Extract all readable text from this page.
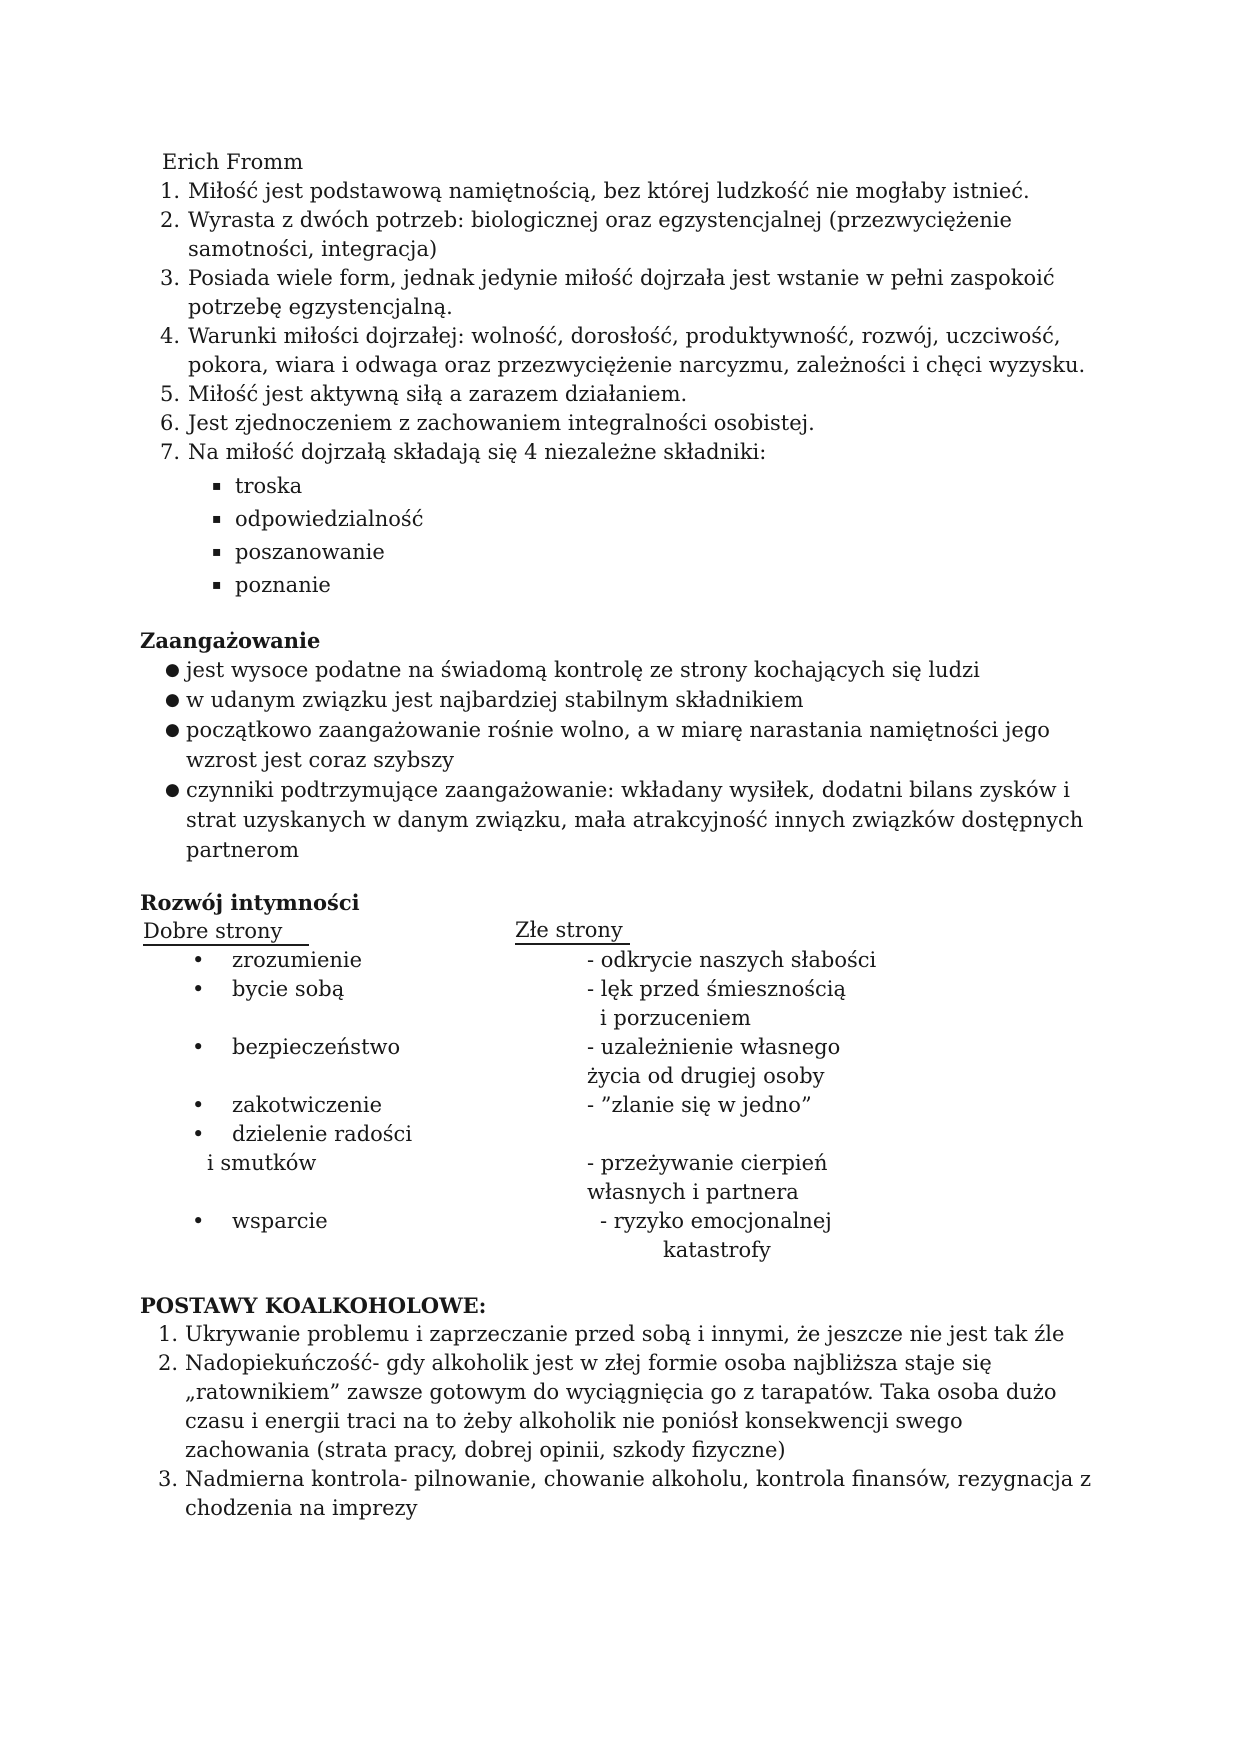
Erich Fromm
Miłość jest podstawową namiętnością, bez której ludzkość nie mogłaby istnieć.
Wyrasta z dwóch potrzeb: biologicznej oraz egzystencjalnej (przezwyciężenie samotności, integracja)
Posiada wiele form, jednak jedynie miłość dojrzała jest wstanie w pełni zaspokoić potrzebę egzystencjalną.
Warunki miłości dojrzałej: wolność, dorosłość, produktywność, rozwój, uczciwość, pokora, wiara i odwaga oraz przezwyciężenie narcyzmu, zależności i chęci wyzysku.
Miłość jest aktywną siłą a zarazem działaniem.
Jest zjednoczeniem z zachowaniem integralności osobistej.
Na miłość dojrzałą składają się 4 niezależne składniki:
▪ troska
▪ odpowiedzialność
▪ poszanowanie
▪ poznanie
Zaangażowanie
● jest wysoce podatne na świadomą kontrolę ze strony kochających się ludzi
● w udanym związku jest najbardziej stabilnym składnikiem
● początkowo zaangażowanie rośnie wolno, a w miarę narastania namiętności jego wzrost jest coraz szybszy
● czynniki podtrzymujące zaangażowanie: wkładany wysiłek, dodatni bilans zysków i strat uzyskanych w danym związku, mała atrakcyjność innych związków dostępnych partnerom
Rozwój intymności
Dobre strony	Złe strony
•	zrozumienie	- odkrycie naszych słabości
•	bycie sobą	- lęk przed śmiesznością
i porzuceniem
•	bezpieczeństwo	- uzależnienie własnego
życia od drugiej osoby
•	zakotwiczenie	- ”zlanie się w jedno”
•	dzielenie radości
i smutków	- przeżywanie cierpień
własnych i partnera
•	wsparcie	- ryzyko emocjonalnej
katastrofy
POSTAWY KOALKOHOLOWE:
Ukrywanie problemu i zaprzeczanie przed sobą i innymi, że jeszcze nie jest tak źle
Nadopiekuńczość- gdy alkoholik jest w złej formie osoba najbliższa staje się „ratownikiem” zawsze gotowym do wyciągnięcia go z tarapatów. Taka osoba dużo czasu i energii traci na to żeby alkoholik nie poniósł konsekwencji swego zachowania (strata pracy, dobrej opinii, szkody fizyczne)
Nadmierna kontrola- pilnowanie, chowanie alkoholu, kontrola finansów, rezygnacja z chodzenia na imprezy
